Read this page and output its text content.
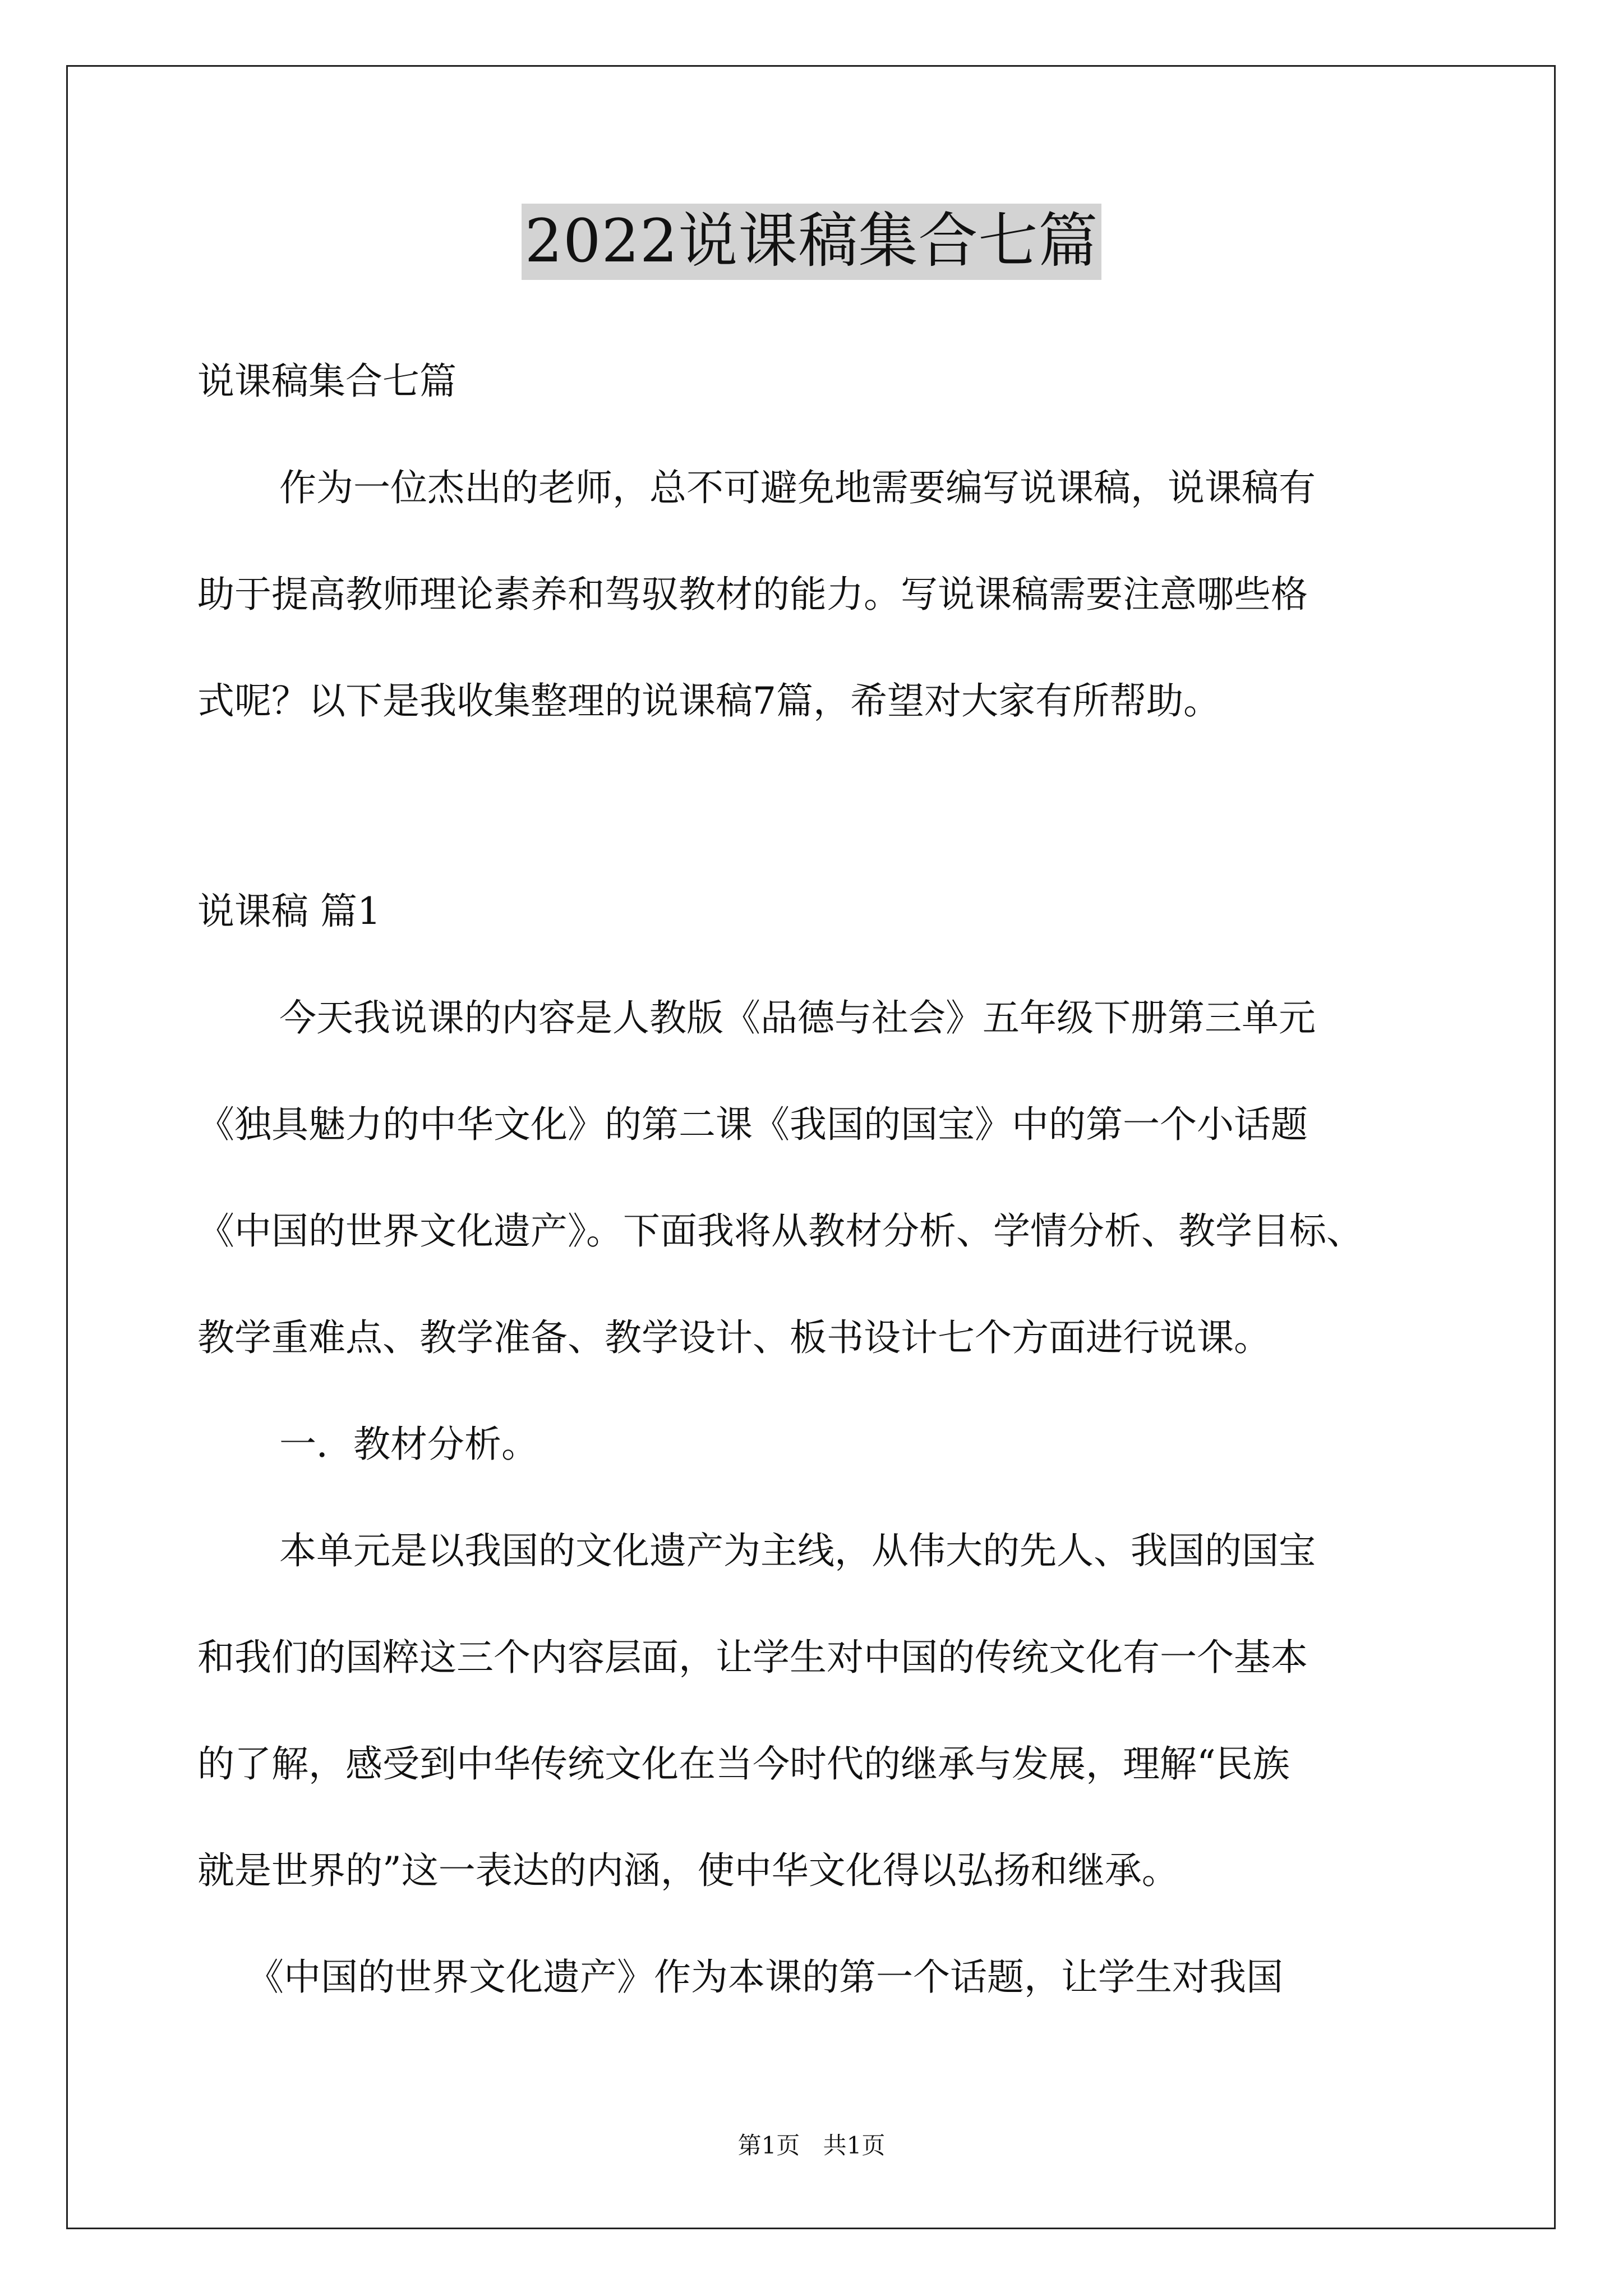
2022说课稿集合七篇
说课稿集合七篇
作为一位杰出的老师，总不可避免地需要编写说课稿，说课稿有
助于提高教师理论素养和驾驭教材的能力。写说课稿需要注意哪些格
式呢？以下是我收集整理的说课稿7篇，希望对大家有所帮助。
说课稿 篇1
今天我说课的内容是人教版《品德与社会》五年级下册第三单元
《独具魅力的中华文化》的第二课《我国的国宝》中的第一个小话题
《中国的世界文化遗产》。下面我将从教材分析、学情分析、教学目标、
教学重难点、教学准备、教学设计、板书设计七个方面进行说课。
一．教材分析。
本单元是以我国的文化遗产为主线，从伟大的先人、我国的国宝
和我们的国粹这三个内容层面，让学生对中国的传统文化有一个基本
的了解，感受到中华传统文化在当今时代的继承与发展，理解“民族
就是世界的”这一表达的内涵，使中华文化得以弘扬和继承。
《中国的世界文化遗产》作为本课的第一个话题，让学生对我国
第1页 共1页
